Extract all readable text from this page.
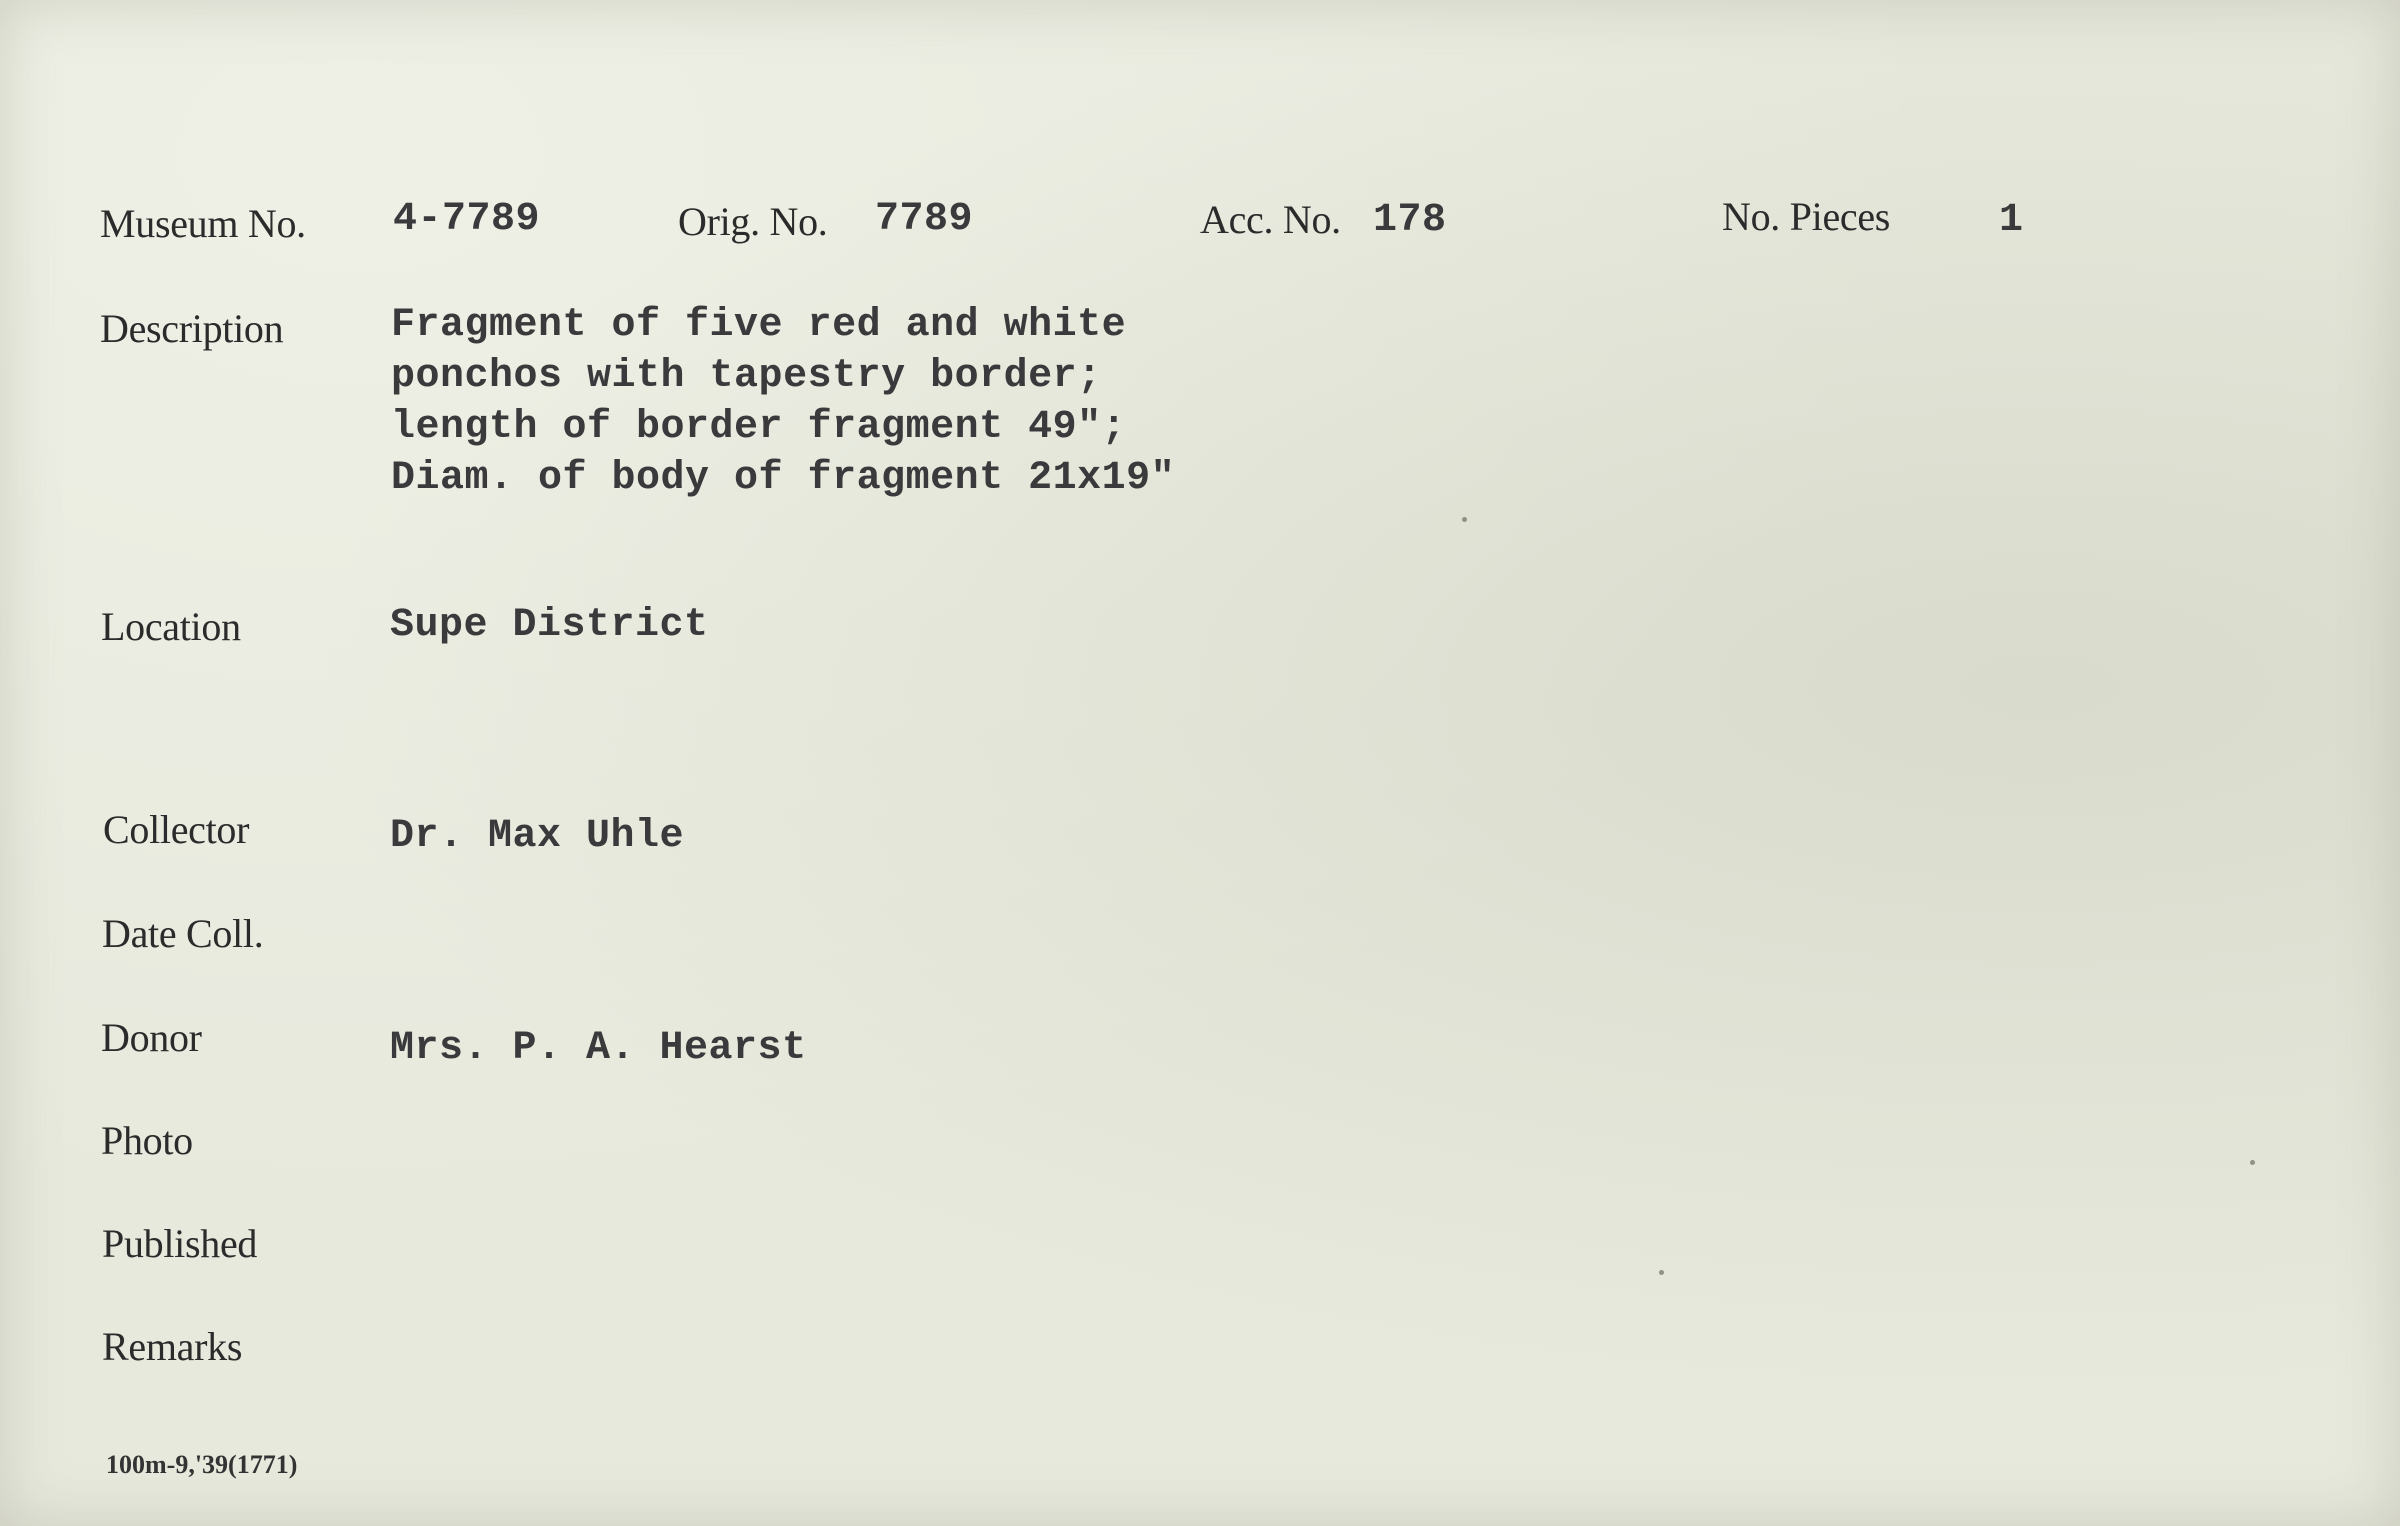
Museum No. 4-7789	Orig. No. 7789	Acc. No. 178	No. Pieces	1
Description	Fragment of five red and white
ponchos with tapestry border;
length of border fragment 49";
Diam. of body of fragment 21x19"
Location	Supe District
Collector	Dr. Max Uhle
Date Coll.
Donor	Mrs. P. A. Hearst
Photo
Published
Remarks
100m-9,'39(1771)
